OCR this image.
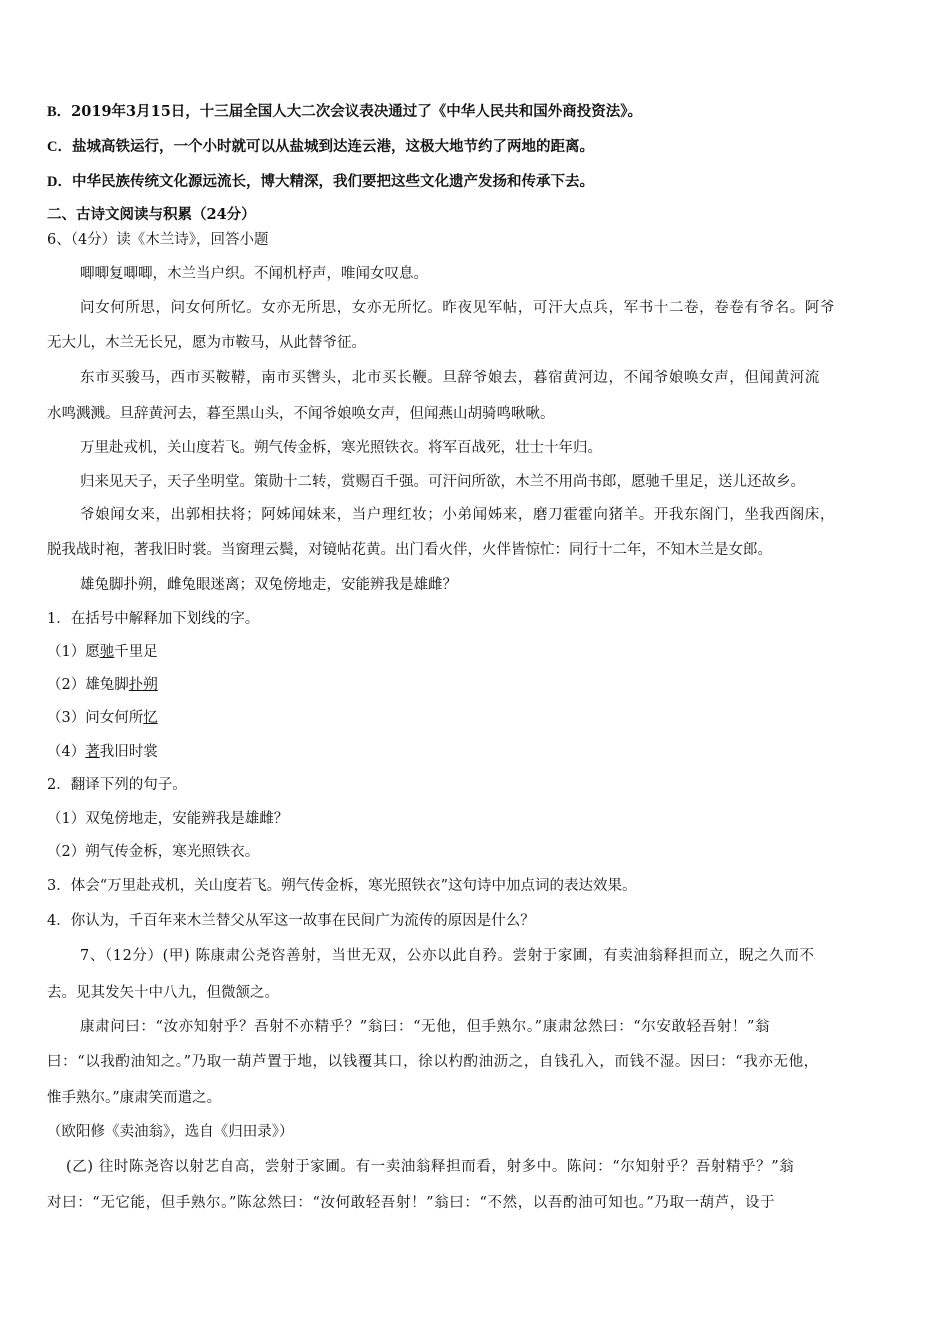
B．2019年3月15日，十三届全国人大二次会议表决通过了《中华人民共和国外商投资法》。
C．盐城高铁运行，一个小时就可以从盐城到达连云港，这极大地节约了两地的距离。
D．中华民族传统文化源远流长，博大精深，我们要把这些文化遗产发扬和传承下去。
二、古诗文阅读与积累（24分）
6、（4分）读《木兰诗》，回答小题
唧唧复唧唧，木兰当户织。不闻机杼声，唯闻女叹息。
问女何所思，问女何所忆。女亦无所思，女亦无所忆。昨夜见军帖，可汗大点兵，军书十二卷，卷卷有爷名。阿爷
无大儿，木兰无长兄，愿为市鞍马，从此替爷征。
东市买骏马，西市买鞍鞯，南市买辔头，北市买长鞭。旦辞爷娘去，暮宿黄河边，不闻爷娘唤女声，但闻黄河流
水鸣溅溅。旦辞黄河去，暮至黑山头，不闻爷娘唤女声，但闻燕山胡骑鸣啾啾。
万里赴戎机，关山度若飞。朔气传金柝，寒光照铁衣。将军百战死，壮士十年归。
归来见天子，天子坐明堂。策勋十二转，赏赐百千强。可汗问所欲，木兰不用尚书郎，愿驰千里足，送儿还故乡。
爷娘闻女来，出郭相扶将；阿姊闻妹来，当户理红妆；小弟闻姊来，磨刀霍霍向猪羊。开我东阁门，坐我西阁床，
脱我战时袍，著我旧时裳。当窗理云鬓，对镜帖花黄。出门看火伴，火伴皆惊忙：同行十二年，不知木兰是女郎。
雄兔脚扑朔，雌兔眼迷离；双兔傍地走，安能辨我是雄雌？
1．在括号中解释加下划线的字。
（1）愿驰千里足
（2）雄兔脚扑朔
（3）问女何所忆
（4）著我旧时裳
2．翻译下列的句子。
（1）双兔傍地走，安能辨我是雄雌？
（2）朔气传金柝，寒光照铁衣。
3．体会“万里赴戎机，关山度若飞。朔气传金柝，寒光照铁衣”这句诗中加点词的表达效果。
4．你认为，千百年来木兰替父从军这一故事在民间广为流传的原因是什么？
7、（12分）(甲) 陈康肃公尧咨善射，当世无双，公亦以此自矜。尝射于家圃，有卖油翁释担而立，睨之久而不
去。见其发矢十中八九，但微颔之。
康肃问曰：“汝亦知射乎？吾射不亦精乎？”翁曰：“无他，但手熟尔。”康肃忿然曰：“尔安敢轻吾射！”翁
曰：“以我酌油知之。”乃取一葫芦置于地，以钱覆其口，徐以杓酌油沥之，自钱孔入，而钱不湿。因曰：“我亦无他，
惟手熟尔。”康肃笑而遣之。
（欧阳修《卖油翁》，选自《归田录》）
(乙) 往时陈尧咨以射艺自高，尝射于家圃。有一卖油翁释担而看，射多中。陈问：“尔知射乎？吾射精乎？”翁
对曰：“无它能，但手熟尔。”陈忿然曰：“汝何敢轻吾射！”翁曰：“不然，以吾酌油可知也。”乃取一葫芦，设于
